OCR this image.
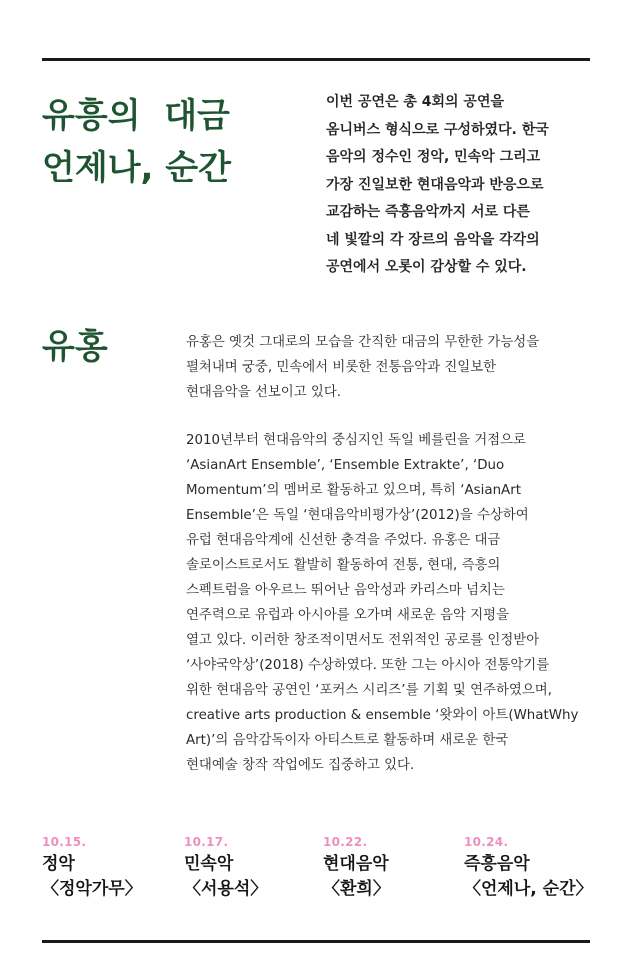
유흥의  대금
언제나, 순간

이번 공연은 총 4회의 공연을
옴니버스 형식으로 구성하였다. 한국
음악의 정수인 정악, 민속악 그리고
가장 진일보한 현대음악과 반응으로
교감하는 즉흥음악까지 서로 다른
네 빛깔의 각 장르의 음악을 각각의
공연에서 오롯이 감상할 수 있다.

유홍	유홍은 옛것 그대로의 모습을 간직한 대금의 무한한 가능성을
펼쳐내며 궁중, 민속에서 비롯한 전통음악과 진일보한
현대음악을 선보이고 있다.
2010년부터 현대음악의 중심지인 독일 베를린을 거점으로
‘AsianArt Ensemble’, ‘Ensemble Extrakte’, ‘Duo
Momentum’의 멤버로 활동하고 있으며, 특히 ‘AsianArt
Ensemble’은 독일 ‘현대음악비평가상’(2012)을 수상하여
유럽 현대음악계에 신선한 충격을 주었다. 유홍은 대금
솔로이스트로서도 활발히 활동하여 전통, 현대, 즉흥의
스펙트럼을 아우르느 뛰어난 음악성과 카리스마 넘치는
연주력으로 유럽과 아시아를 오가며 새로운 음악 지평을
열고 있다. 이러한 창조적이면서도 전위적인 공로를 인정받아
‘사야국악상’(2018) 수상하였다. 또한 그는 아시아 전통악기를
위한 현대음악 공연인 ‘포커스 시리즈’를 기획 및 연주하였으며,
creative arts production & ensemble ‘왓와이 아트(WhatWhy
Art)’의 음악감독이자 아티스트로 활동하며 새로운 한국
현대예술 창작 작업에도 집중하고 있다.
10.15.
정악
〈정악가무〉
10.17.
민속악
〈서용석〉
10.22.
현대음악
〈환희〉
10.24.
즉흥음악
〈언제나, 순간〉
